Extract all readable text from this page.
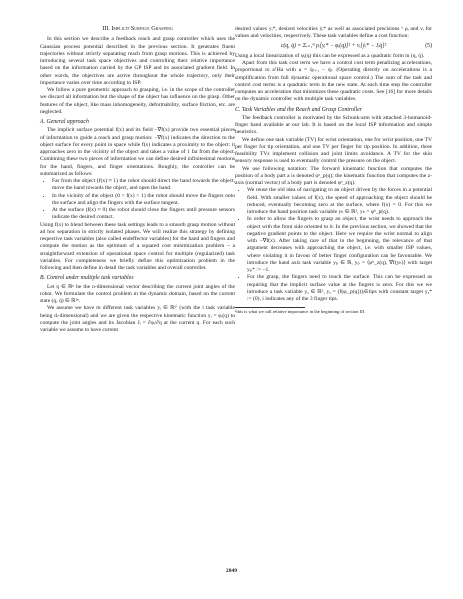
III. Implicit Surface Grasping

In this section we describe a feedback reach and grasp controller which uses the Gaussian process potential described in the previous section. It generates fluent trajectories without strictly separating reach from grasp motions. This is achieved by introducing several task space objectives and controlling their relative importance based on the information carried by the GP ISP and its associated gradient field. In other words, the objectives are active throughout the whole trajectory, only their importance varies over time according to ISP.

We follow a pure geometric approach to grasping, i.e. in the scope of the controller we discard all information but the shape of the object has influence on the grasp. Other features of the object, like mass inhomogeneity, deformability, surface friction, etc. are neglected.

A. General approach

The implicit surface potential f(x) and its field −∇f(x) provide two essential pieces of information to guide a reach and grasp motion: −∇f(x) indicates the direction to the object surface for every point in space while f(x) indicates a proximity to the object: it approaches zero in the vicinity of the object and takes a value of 1 far from the object. Combining these two pieces of information we can define desired infinitesimal motions for the hand, fingers, and finger orientations. Roughly, the controller can be summarized as follows:

• Far from the object (f(x) ≈ 1) the robot should direct the hand towards the object, move the hand towards the object, and open the hand.
• In the vicinity of the object (0 < f(x) < 1) the robot should move the fingers onto the surface and align the fingers with the surface tangent.
• At the surface (f(x) ≈ 0) the robot should close the fingers until pressure sensors indicate the desired contact.

Using f(x) to blend between these task settings leads to a smooth grasp motion without ad hoc separation in strictly isolated phases. We will realize this strategy by defining respective task variables (also called endeffector variables) for the hand and fingers and compute the motion as the optimum of a squared cost minimization problem – a straightforward extension of operational space control for multiple (regularized) task variables. For completeness we briefly define this optimization problem in the following and then define in detail the task variables and overall controller.

B. Control under multiple task variables

Let q ∈ ℝⁿ be the n-dimensional vector describing the current joint angles of the robot. We formulate the control problem in the dynamic domain, based on the current state (q, q̇) ∈ ℝ²ⁿ.

We assume we have m different task variables yᵢ ∈ ℝᵈⁱ (with the i task variable being dᵢ-dimensional) and we are given the respective kinematic function yᵢ = φᵢ(q) to compute the joint angles and its Jacobian Jᵢ = ∂φᵢ/∂q at the current q. For each such variable we assume to have current

desired values yᵢ*, desired velocities ẏᵢ* as well as associated precisions ¹ ρᵢ and νᵢ for values and velocities, respectively. These task variables define a cost function:

c(q, q̇) = Σᵢ₌₁ᵐ ρᵢ[yᵢ* − φᵢ(q)]² + νᵢ[ẏᵢ* − Jᵢq̇]²	(5)

Using a local linearization of φᵢ(q) this can be expressed as a quadratic form in (q, q̇).

Apart from this task cost term we have a control cost term penalizing accelerations, proportional to aᵀHa with a = q̇ₜ₊₁ − q̇ₜ. (Operating directly on accelerations is a simplification from full dynamic operational space control.) The sum of the task and control cost terms is a quadratic term in the new state. At each time step the controller computes an acceleration that minimizes these quadratic costs. See [16] for more details on the dynamic controller with multiple task variables.

C. Task Variables and the Reach and Grasp Controller

The feedback controller is motivated by the Schunk-arm with attached 3-humanoid-finger hand available at our lab. It is based on the local ISP information and simple heuristics.

We define one task variable (TV) for wrist orientation, one for wrist position, one TV per finger for tip orientation, and one TV per finger for tip position. In addition, three feasibility TVs implement collision and joint limits avoidance. A TV for the skin sensory response is used to eventually control the pressure on the object.

We use following notation: The forward kinematic function that computes the position of a body part a is denoted φᵃ_p(q); the kinematic function that computes the z-axis (normal vector) of a body part is denoted φᵃ_z(q).

• We reuse the old idea of navigating to an object driven by the forces in a potential field. With smaller values of f(x), the speed of approaching the object should be reduced, eventually becoming zero at the surface, where f(x) = 0. For this we introduce the hand position task variable yₕ ∈ ℝ³, yₕ = φʰ_p(q).
• In order to allow the fingers to grasp an object, the wrist needs to approach the object with the front side oriented to it. In the previous section, we showed that the negative gradient points to the object. Here we require the wrist normal to align with −∇f(x). After taking care of that in the beginning, the relevance of that argument decreases with approaching the object, i.e. with smaller ISP values, where violating it in favour of better finger configuration can be favourable. We introduce the hand axis task variable yₚ ∈ ℝ, yₚ = ⟨φʰ_z(q), ∇f(yₕ)⟩ with target yₚ* := −1.
• For the grasp, the fingers need to touch the surface. This can be expressed as requiring that the implicit surface value at the fingers is zero. For this we we introduce a task variable yₓ ∈ ℝ³, yₓ = (f(φᵢ_p(q)))ᵢ∈tips with constant target yₓ* := (0), i indicates any of the 3 finger tips.
¹this is what we call relative importance in the beginning of section III
2849
